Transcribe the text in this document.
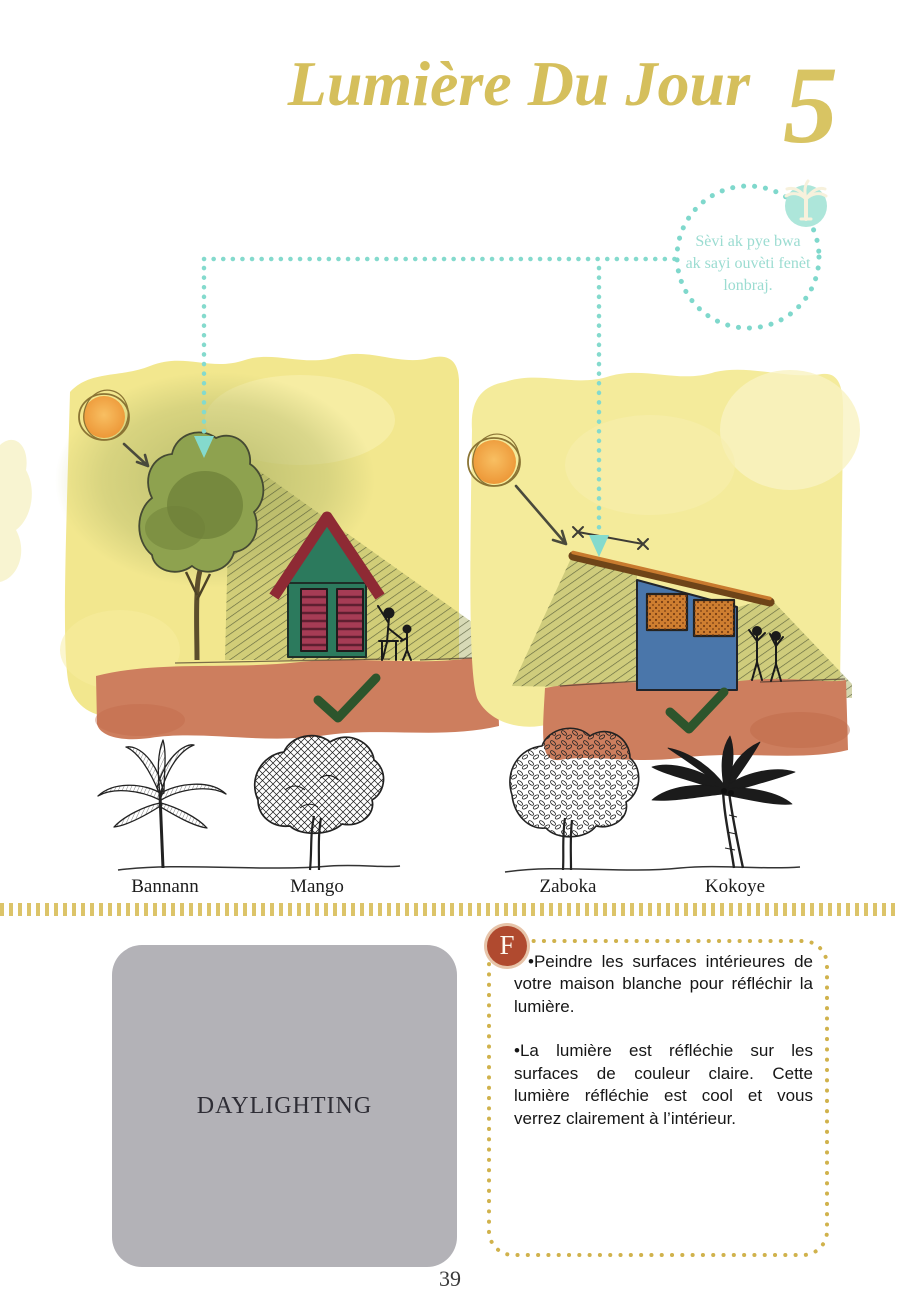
Sèvi ak pye bwa
ak sayi ouvèti fenèt
lonbraj.
Lumière Du Jour 5
Bannann	Mango	Zaboka	Kokoye
DAYLIGHTING
F

•Peindre les surfaces intérieures de votre maison blanche pour réfléchir la lumière.

•La lumière est réfléchie sur les surfaces de couleur claire. Cette lumière réfléchie est cool et vous verrez clairement à l’intérieur.

39
